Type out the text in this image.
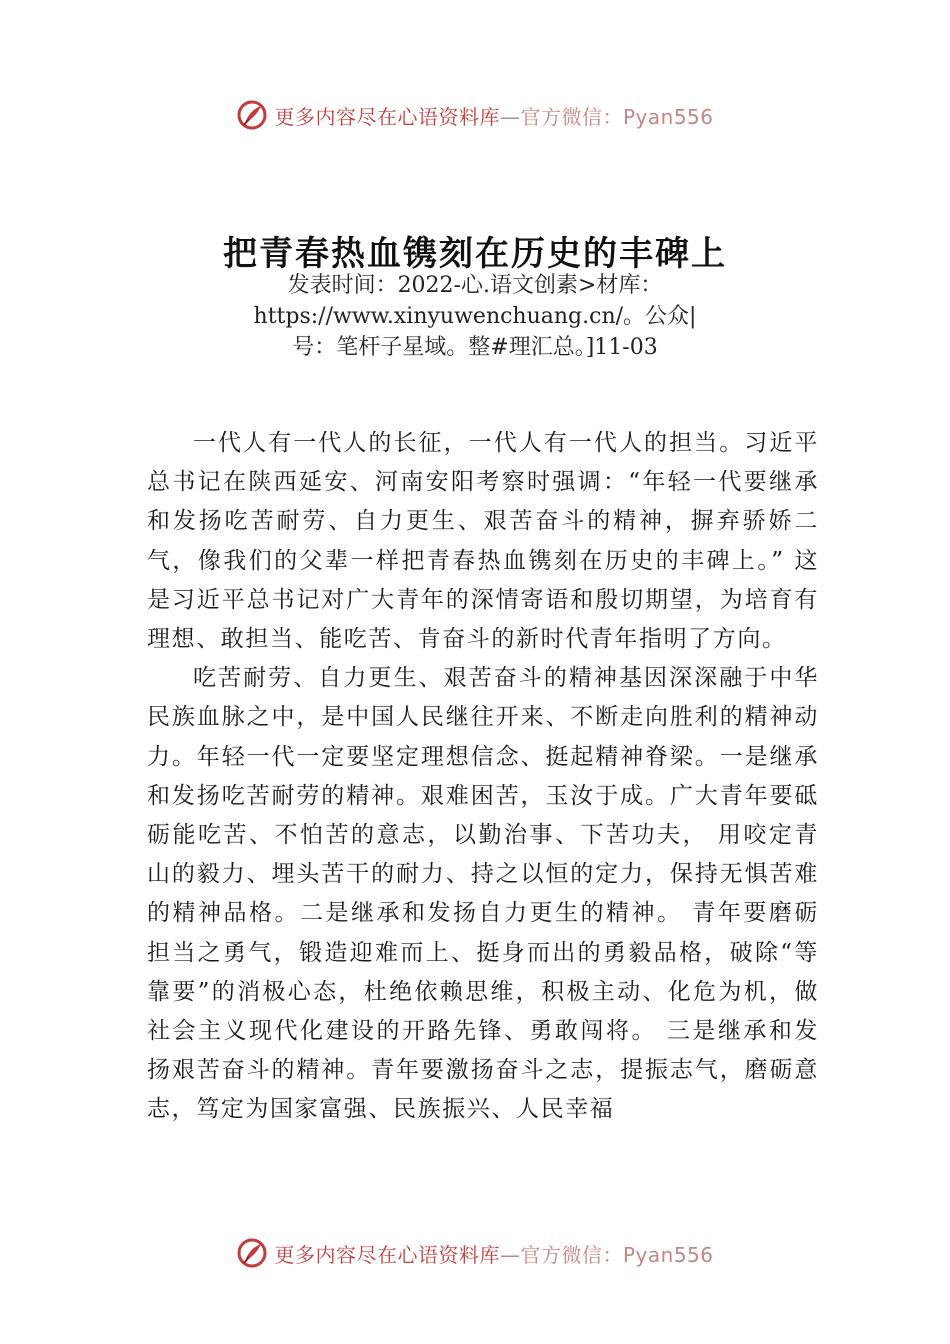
更多内容尽在心语资料库—官方微信：Pyan556
把青春热血镌刻在历史的丰碑上
发表时间：2022-心.语文创素>材库：
https://www.xinyuwenchuang.cn/。公众|
号：笔杆子星域。整#理汇总。]11-03

一代人有一代人的长征，一代人有一代人的担当。习近平总书记在陕西延安、河南安阳考察时强调：“年轻一代要继承和发扬吃苦耐劳、自力更生、艰苦奋斗的精神，摒弃骄娇二气，像我们的父辈一样把青春热血镌刻在历史的丰碑上。” 这是习近平总书记对广大青年的深情寄语和殷切期望，为培育有理想、敢担当、能吃苦、肯奋斗的新时代青年指明了方向。

吃苦耐劳、自力更生、艰苦奋斗的精神基因深深融于中华民族血脉之中，是中国人民继往开来、不断走向胜利的精神动力。年轻一代一定要坚定理想信念、挺起精神脊梁。一是继承和发扬吃苦耐劳的精神。艰难困苦，玉汝于成。广大青年要砥砺能吃苦、不怕苦的意志，以勤治事、下苦功夫， 用咬定青山的毅力、埋头苦干的耐力、持之以恒的定力，保持无惧苦难的精神品格。二是继承和发扬自力更生的精神。 青年要磨砺担当之勇气，锻造迎难而上、挺身而出的勇毅品格，破除“等靠要”的消极心态，杜绝依赖思维，积极主动、化危为机，做社会主义现代化建设的开路先锋、勇敢闯将。 三是继承和发扬艰苦奋斗的精神。青年要激扬奋斗之志，提振志气，磨砺意志，笃定为国家富强、民族振兴、人民幸福

更多内容尽在心语资料库—官方微信：Pyan556
